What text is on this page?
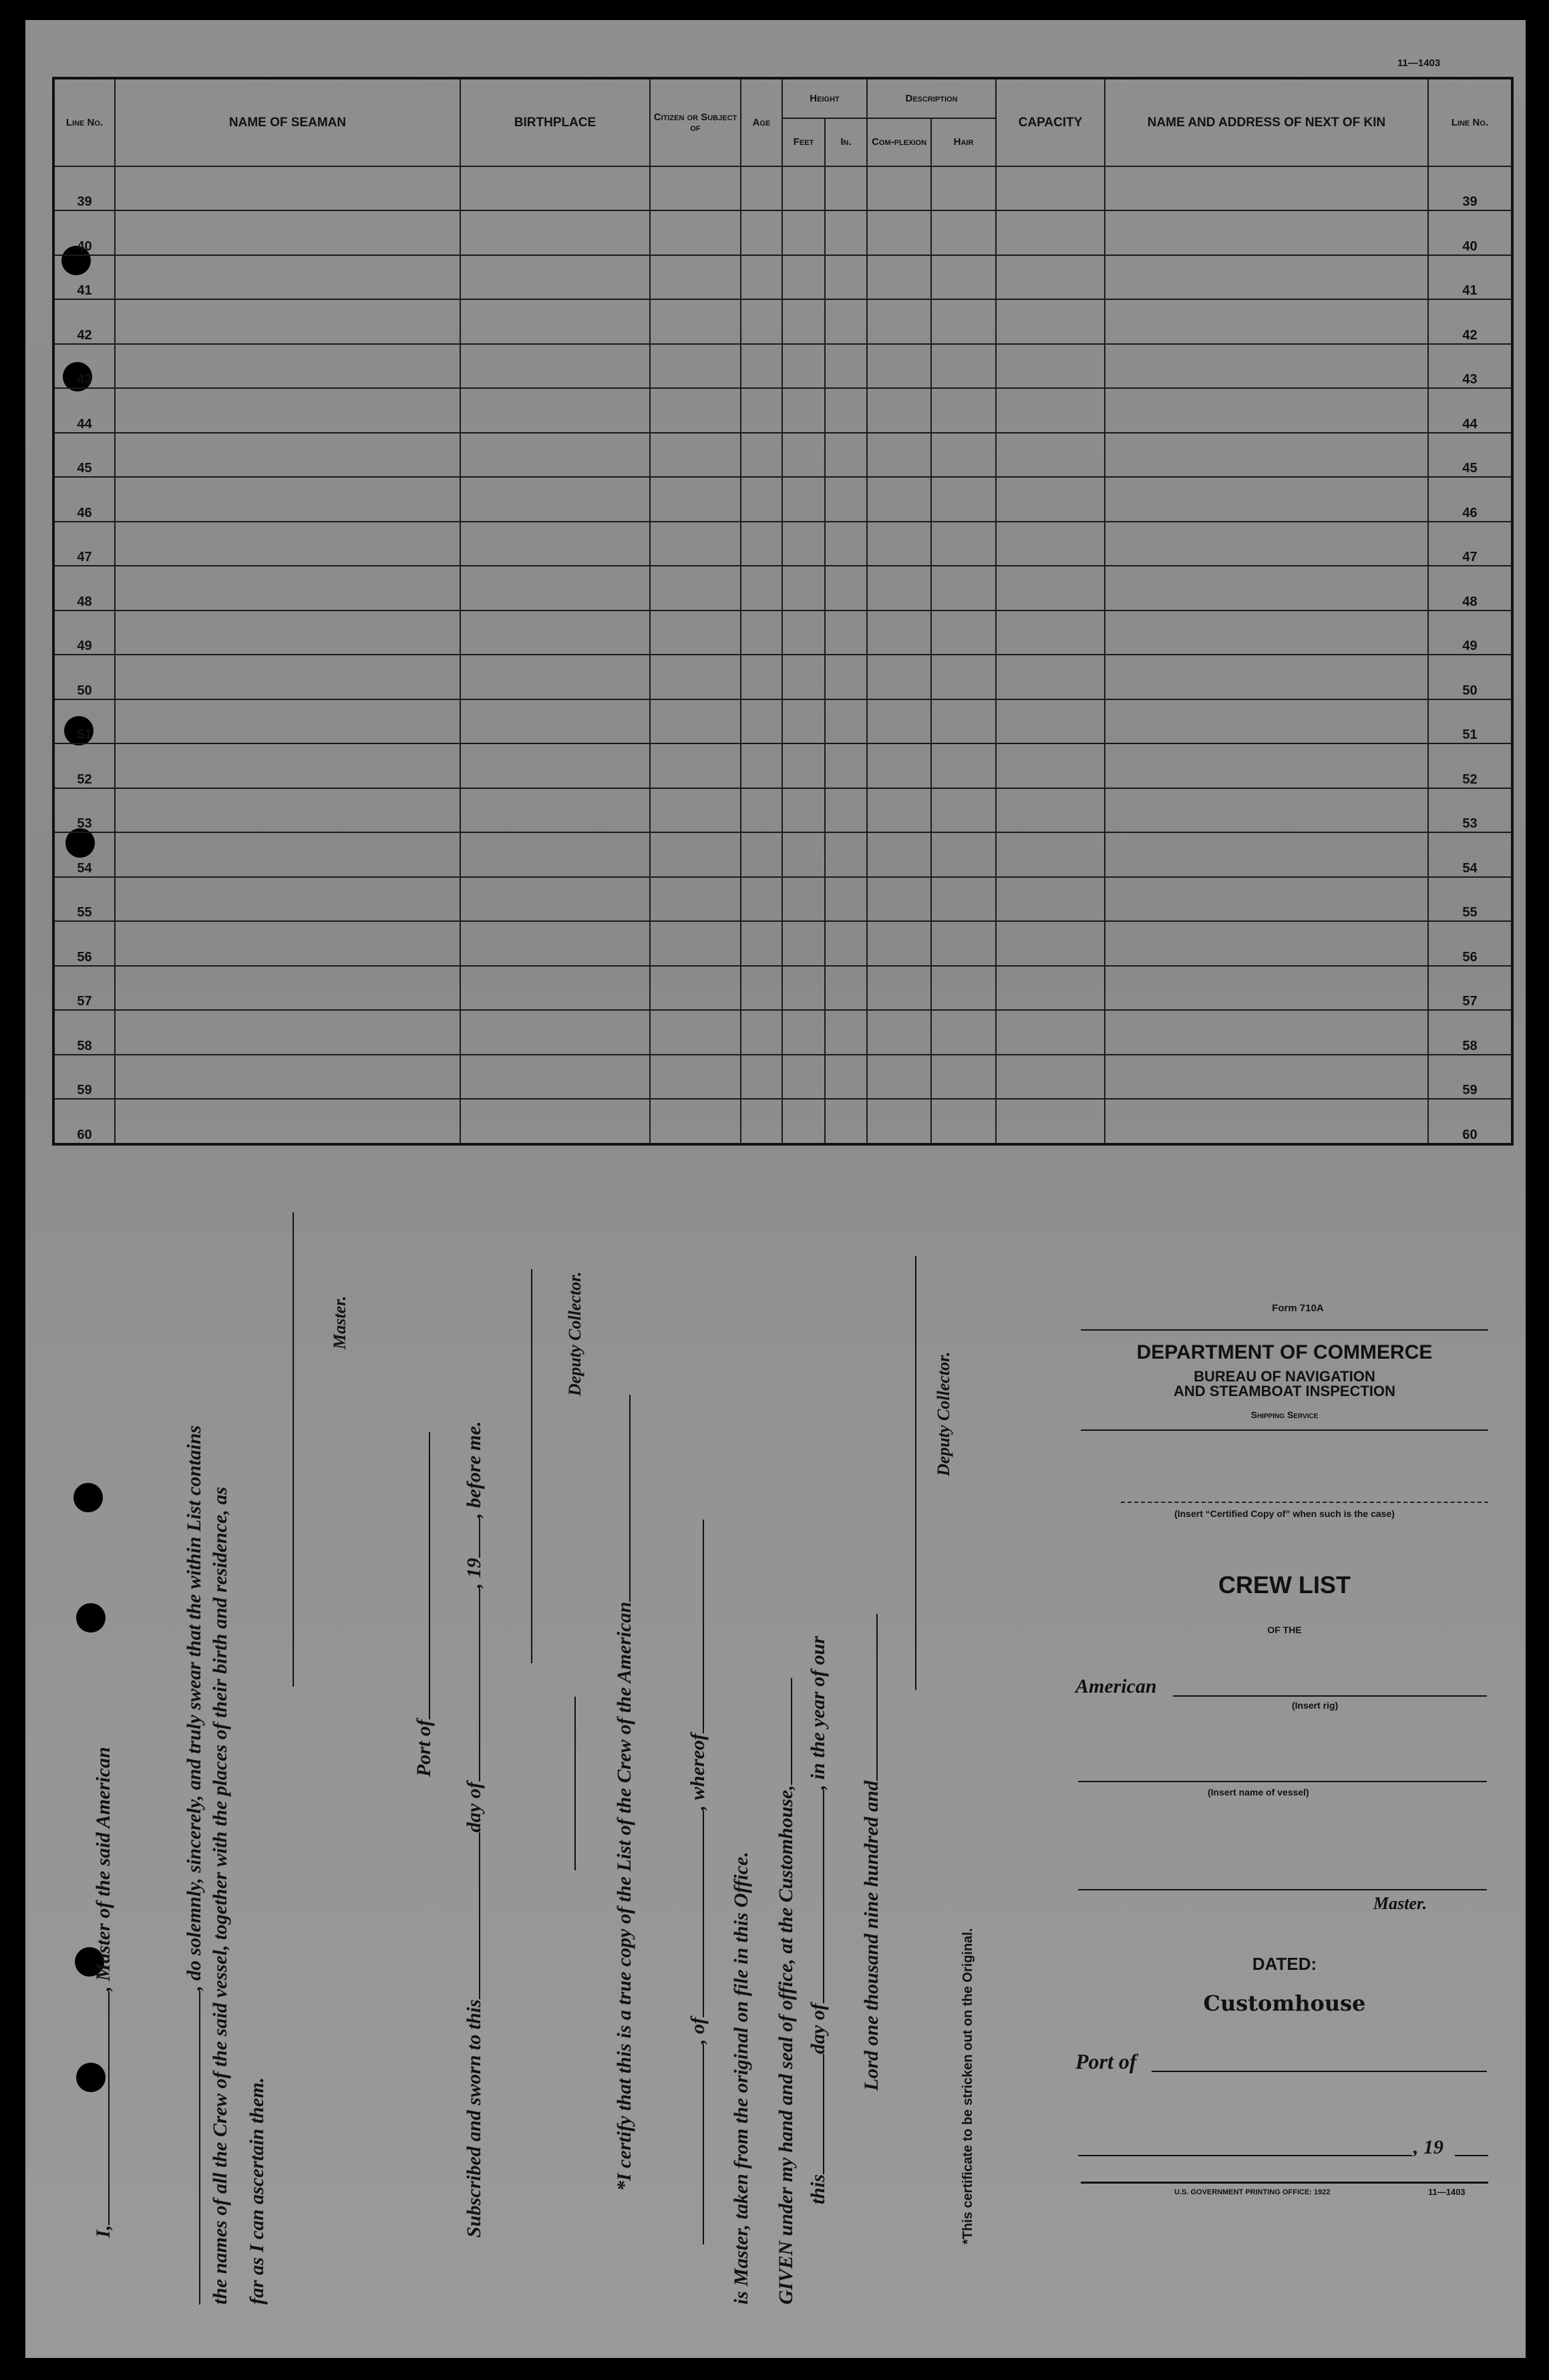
11—1403
Line No.	NAME OF SEAMAN	BIRTHPLACE	Citizen or Subject of	Age	Height		Description		CAPACITY	NAME AND ADDRESS OF NEXT OF KIN	Line No.
					Feet	In.	Com-plexion	Hair			
39											39
40											40
41											41
42											42
43											43
44											44
45											45
46											46
47											47
48											48
49											49
50											50
51											51
52											52
53											53
54											54
55											55
56											56
57											57
58											58
59											59
60											60
I,, Master of the said American	, do solemnly, sincerely, and truly swear that the within List contains the names of all the Crew of the said vessel, together with the places of their birth and residence, as far as I can ascertain them.
Master.
Port of
Subscribed and sworn to thisday of, 19, before me.
Deputy Collector.
*I certify that this is a true copy of the List of the Crew of the American	, of, whereof
is Master, taken from the original on file in this Office. GIVEN under my hand and seal of office, at the Customhouse, thisday of, in the year of our
Lord one thousand nine hundred and
Deputy Collector.
*This certificate to be stricken out on the Original.
Form 710A
DEPARTMENT OF COMMERCE
BUREAU OF NAVIGATION
AND STEAMBOAT INSPECTION
Shipping Service
(Insert “Certified Copy of” when such is the case)
CREW LIST
OF THE
American
(Insert rig)
(Insert name of vessel)
Master.
DATED:
Customhouse
Port of
, 19
U.S. GOVERNMENT PRINTING OFFICE: 1922	11—1403
